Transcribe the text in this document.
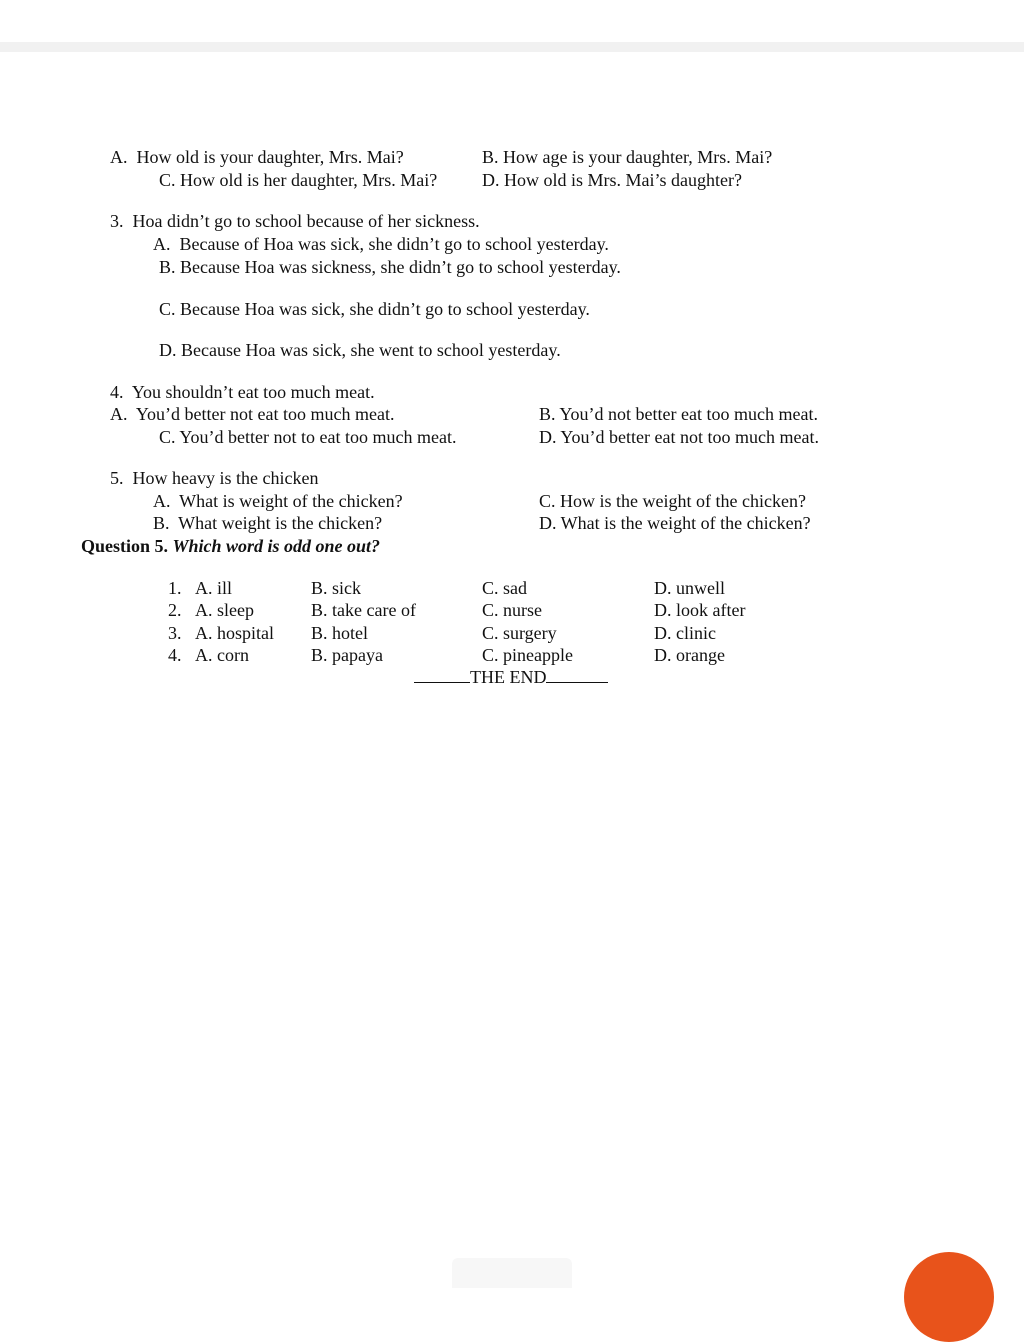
A.  How old is your daughter, Mrs. Mai?	B. How age is your daughter, Mrs. Mai?
C. How old is her daughter, Mrs. Mai? D. How old is Mrs. Mai’s daughter?
3.  Hoa didn’t go to school because of her sickness.
A.  Because of Hoa was sick, she didn’t go to school yesterday.
B. Because Hoa was sickness, she didn’t go to school yesterday.
C. Because Hoa was sick, she didn’t go to school yesterday.
D. Because Hoa was sick, she went to school yesterday.
4.  You shouldn’t eat too much meat.
A.  You’d better not eat too much meat.	B. You’d not better eat too much meat.
C. You’d better not to eat too much meat.	D. You’d better eat not too much meat.
5.  How heavy is the chicken
A.  What is weight of the chicken?	C. How is the weight of the chicken?
B.  What weight is the chicken?	D. What is the weight of the chicken?
Question 5. Which word is odd one out?
1. A. ill	B. sick	C. sad	D. unwell
2. A. sleep	B. take care of	C. nurse	D. look after
3. A. hospital B. hotel	C. surgery	D. clinic
4. A. corn	B. papaya	C. pineapple	D. orange
THE END
